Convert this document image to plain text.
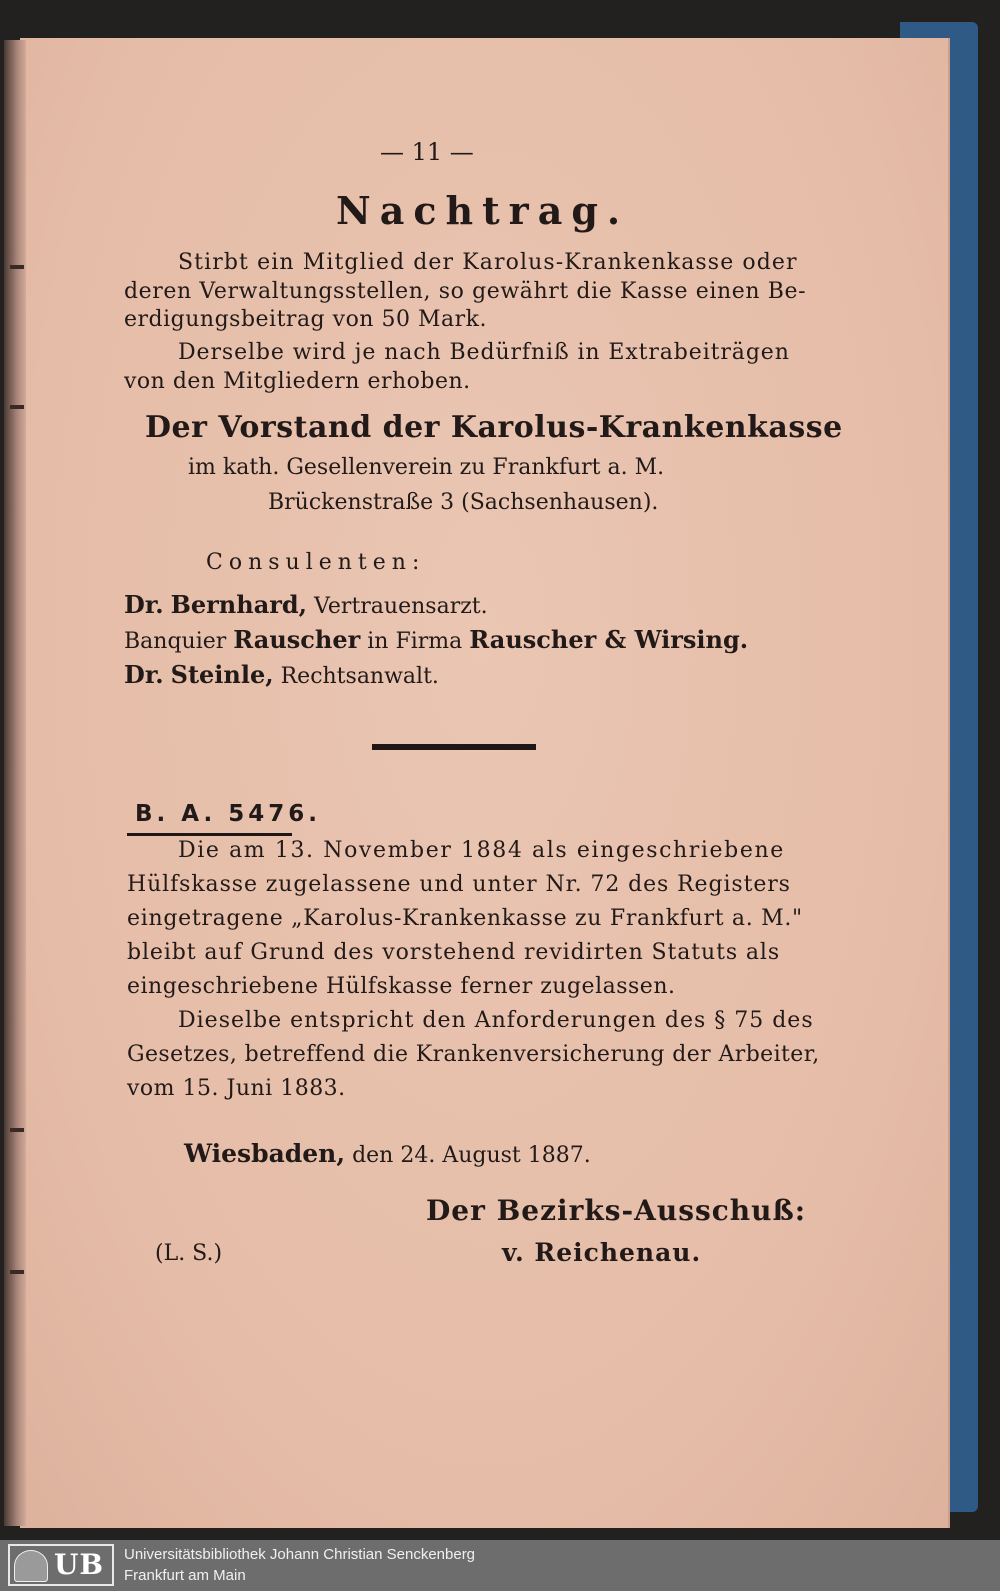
— 11 —
Nachtrag.
Stirbt ein Mitglied der Karolus-Krankenkasse oder
deren Verwaltungsstellen, so gewährt die Kasse einen Be-
erdigungsbeitrag von 50 Mark.
Derselbe wird je nach Bedürfniß in Extrabeiträgen
von den Mitgliedern erhoben.
Der Vorstand der Karolus-Krankenkasse
im kath. Gesellenverein zu Frankfurt a. M.
Brückenstraße 3 (Sachsenhausen).
Consulenten:
Dr. Bernhard, Vertrauensarzt.
Banquier Rauscher in Firma Rauscher & Wirsing.
Dr. Steinle, Rechtsanwalt.
B. A. 5476.
Die am 13. November 1884 als eingeschriebene
Hülfskasse zugelassene und unter Nr. 72 des Registers
eingetragene „Karolus-Krankenkasse zu Frankfurt a. M."
bleibt auf Grund des vorstehend revidirten Statuts als
eingeschriebene Hülfskasse ferner zugelassen.
Dieselbe entspricht den Anforderungen des § 75 des
Gesetzes, betreffend die Krankenversicherung der Arbeiter,
vom 15. Juni 1883.
Wiesbaden, den 24. August 1887.
Der Bezirks-Ausschuß:
(L. S.)	v. Reichenau.
UB Universitätsbibliothek Johann Christian Senckenberg
Frankfurt am Main
